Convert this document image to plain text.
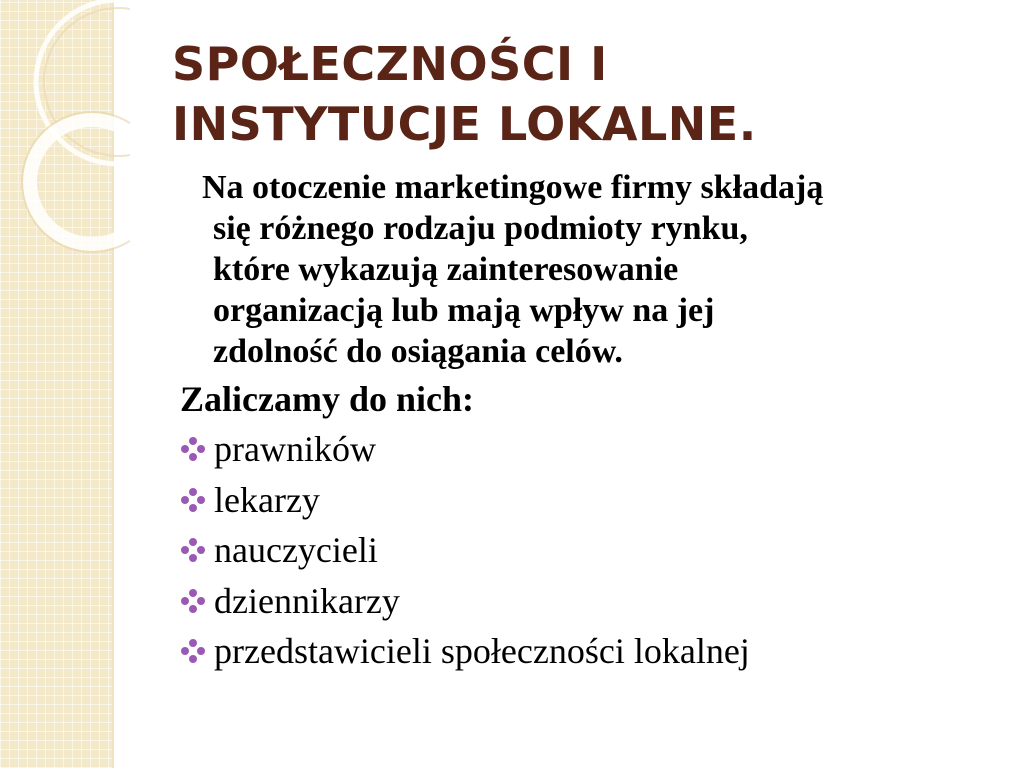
SPOŁECZNOŚCI I
INSTYTUCJE LOKALNE.
Na otoczenie marketingowe firmy składają
się różnego rodzaju podmioty rynku,
które wykazują zainteresowanie
organizacją lub mają wpływ na jej
zdolność do osiągania celów.
Zaliczamy do nich:
prawników
lekarzy
nauczycieli
dziennikarzy
przedstawicieli społeczności lokalnej
